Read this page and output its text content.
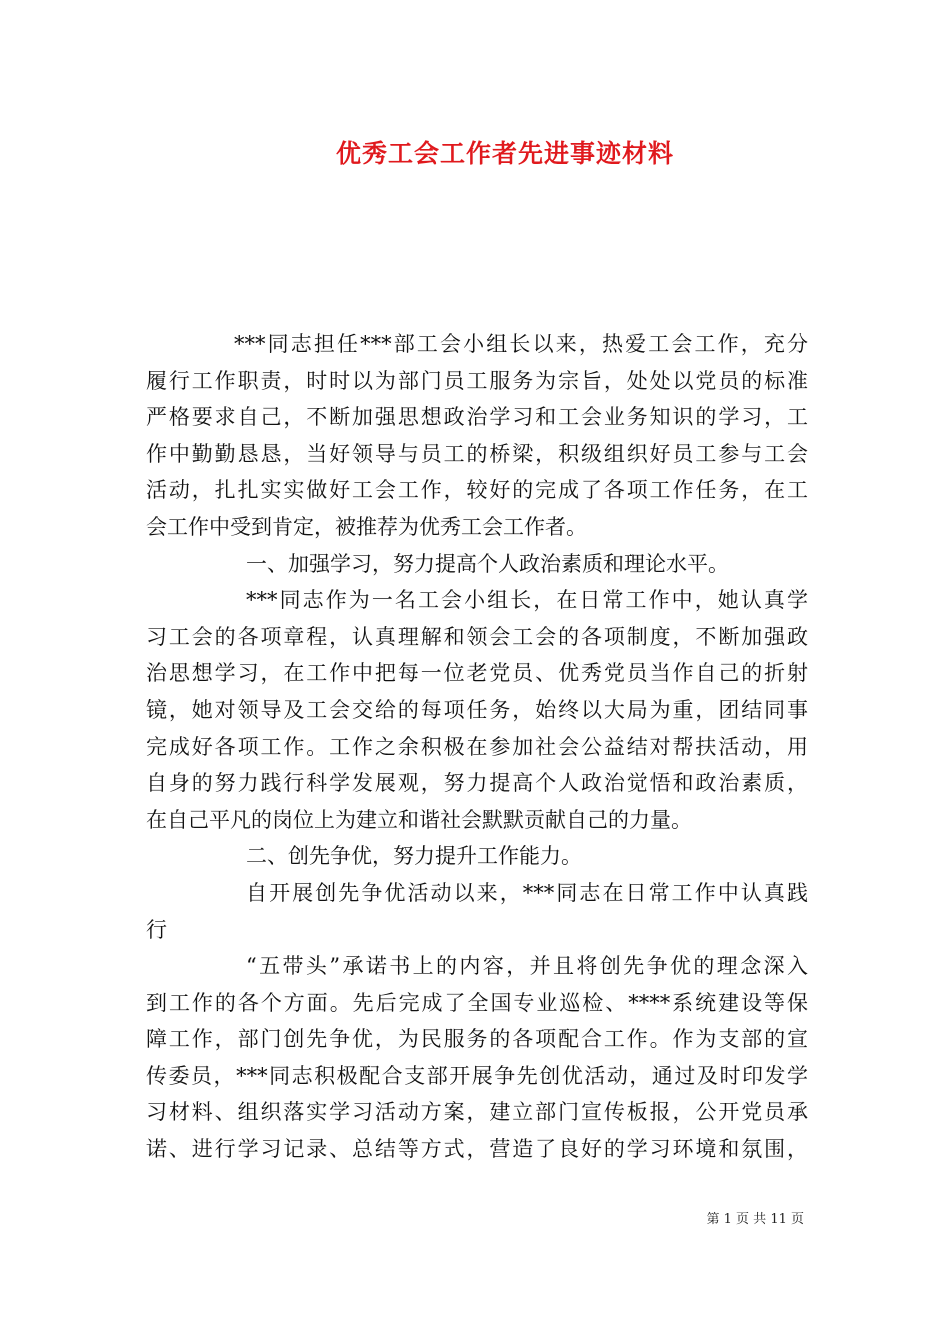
优秀工会工作者先进事迹材料
***同志担任***部工会小组长以来，热爱工会工作，充分
履行工作职责，时时以为部门员工服务为宗旨，处处以党员的标准
严格要求自己，不断加强思想政治学习和工会业务知识的学习，工
作中勤勤恳恳，当好领导与员工的桥梁，积级组织好员工参与工会
活动，扎扎实实做好工会工作，较好的完成了各项工作任务，在工
会工作中受到肯定，被推荐为优秀工会工作者。
一、加强学习，努力提高个人政治素质和理论水平。
***同志作为一名工会小组长，在日常工作中，她认真学
习工会的各项章程，认真理解和领会工会的各项制度，不断加强政
治思想学习，在工作中把每一位老党员、优秀党员当作自己的折射
镜，她对领导及工会交给的每项任务，始终以大局为重，团结同事
完成好各项工作。工作之余积极在参加社会公益结对帮扶活动，用
自身的努力践行科学发展观，努力提高个人政治觉悟和政治素质，
在自己平凡的岗位上为建立和谐社会默默贡献自己的力量。
二、创先争优，努力提升工作能力。
自开展创先争优活动以来，***同志在日常工作中认真践
行
“五带头”承诺书上的内容，并且将创先争优的理念深入
到工作的各个方面。先后完成了全国专业巡检、****系统建设等保
障工作，部门创先争优，为民服务的各项配合工作。作为支部的宣
传委员，***同志积极配合支部开展争先创优活动，通过及时印发学
习材料、组织落实学习活动方案，建立部门宣传板报，公开党员承
诺、进行学习记录、总结等方式，营造了良好的学习环境和氛围，
第 1 页 共 11 页
